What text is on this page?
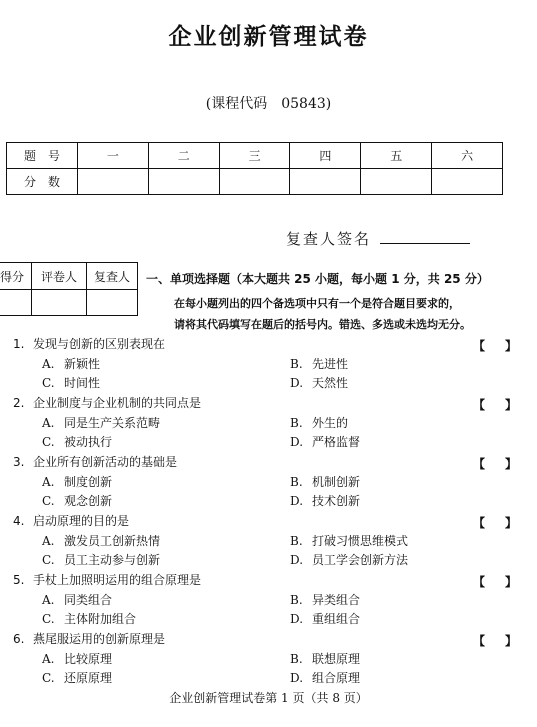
企业创新管理试卷
(课程代码　05843)
题　号	一	二	三	四	五	六
分　数						
复查人签名
得分	评卷人	复查人
		一、单项选择题（本大题共 25 小题，每小题 1 分，共 25 分）
在每小题列出的四个备选项中只有一个是符合题目要求的，
请将其代码填写在题后的括号内。错选、多选或未选均无分。
1. 发现与创新的区别表现在	【 】
A. 新颖性	B. 先进性
C. 时间性	D. 天然性
2. 企业制度与企业机制的共同点是	【 】
A. 同是生产关系范畴	B. 外生的
C. 被动执行	D. 严格监督
3. 企业所有创新活动的基础是	【 】
A. 制度创新	B. 机制创新
C. 观念创新	D. 技术创新
4. 启动原理的目的是	【 】
A. 激发员工创新热情	B. 打破习惯思维模式
C. 员工主动参与创新	D. 员工学会创新方法
5. 手杖上加照明运用的组合原理是	【 】
A. 同类组合	B. 异类组合
C. 主体附加组合	D. 重组组合
6. 燕尾服运用的创新原理是	【 】
A. 比较原理	B. 联想原理
C. 还原原理	D. 组合原理
企业创新管理试卷第 1 页（共 8 页）
